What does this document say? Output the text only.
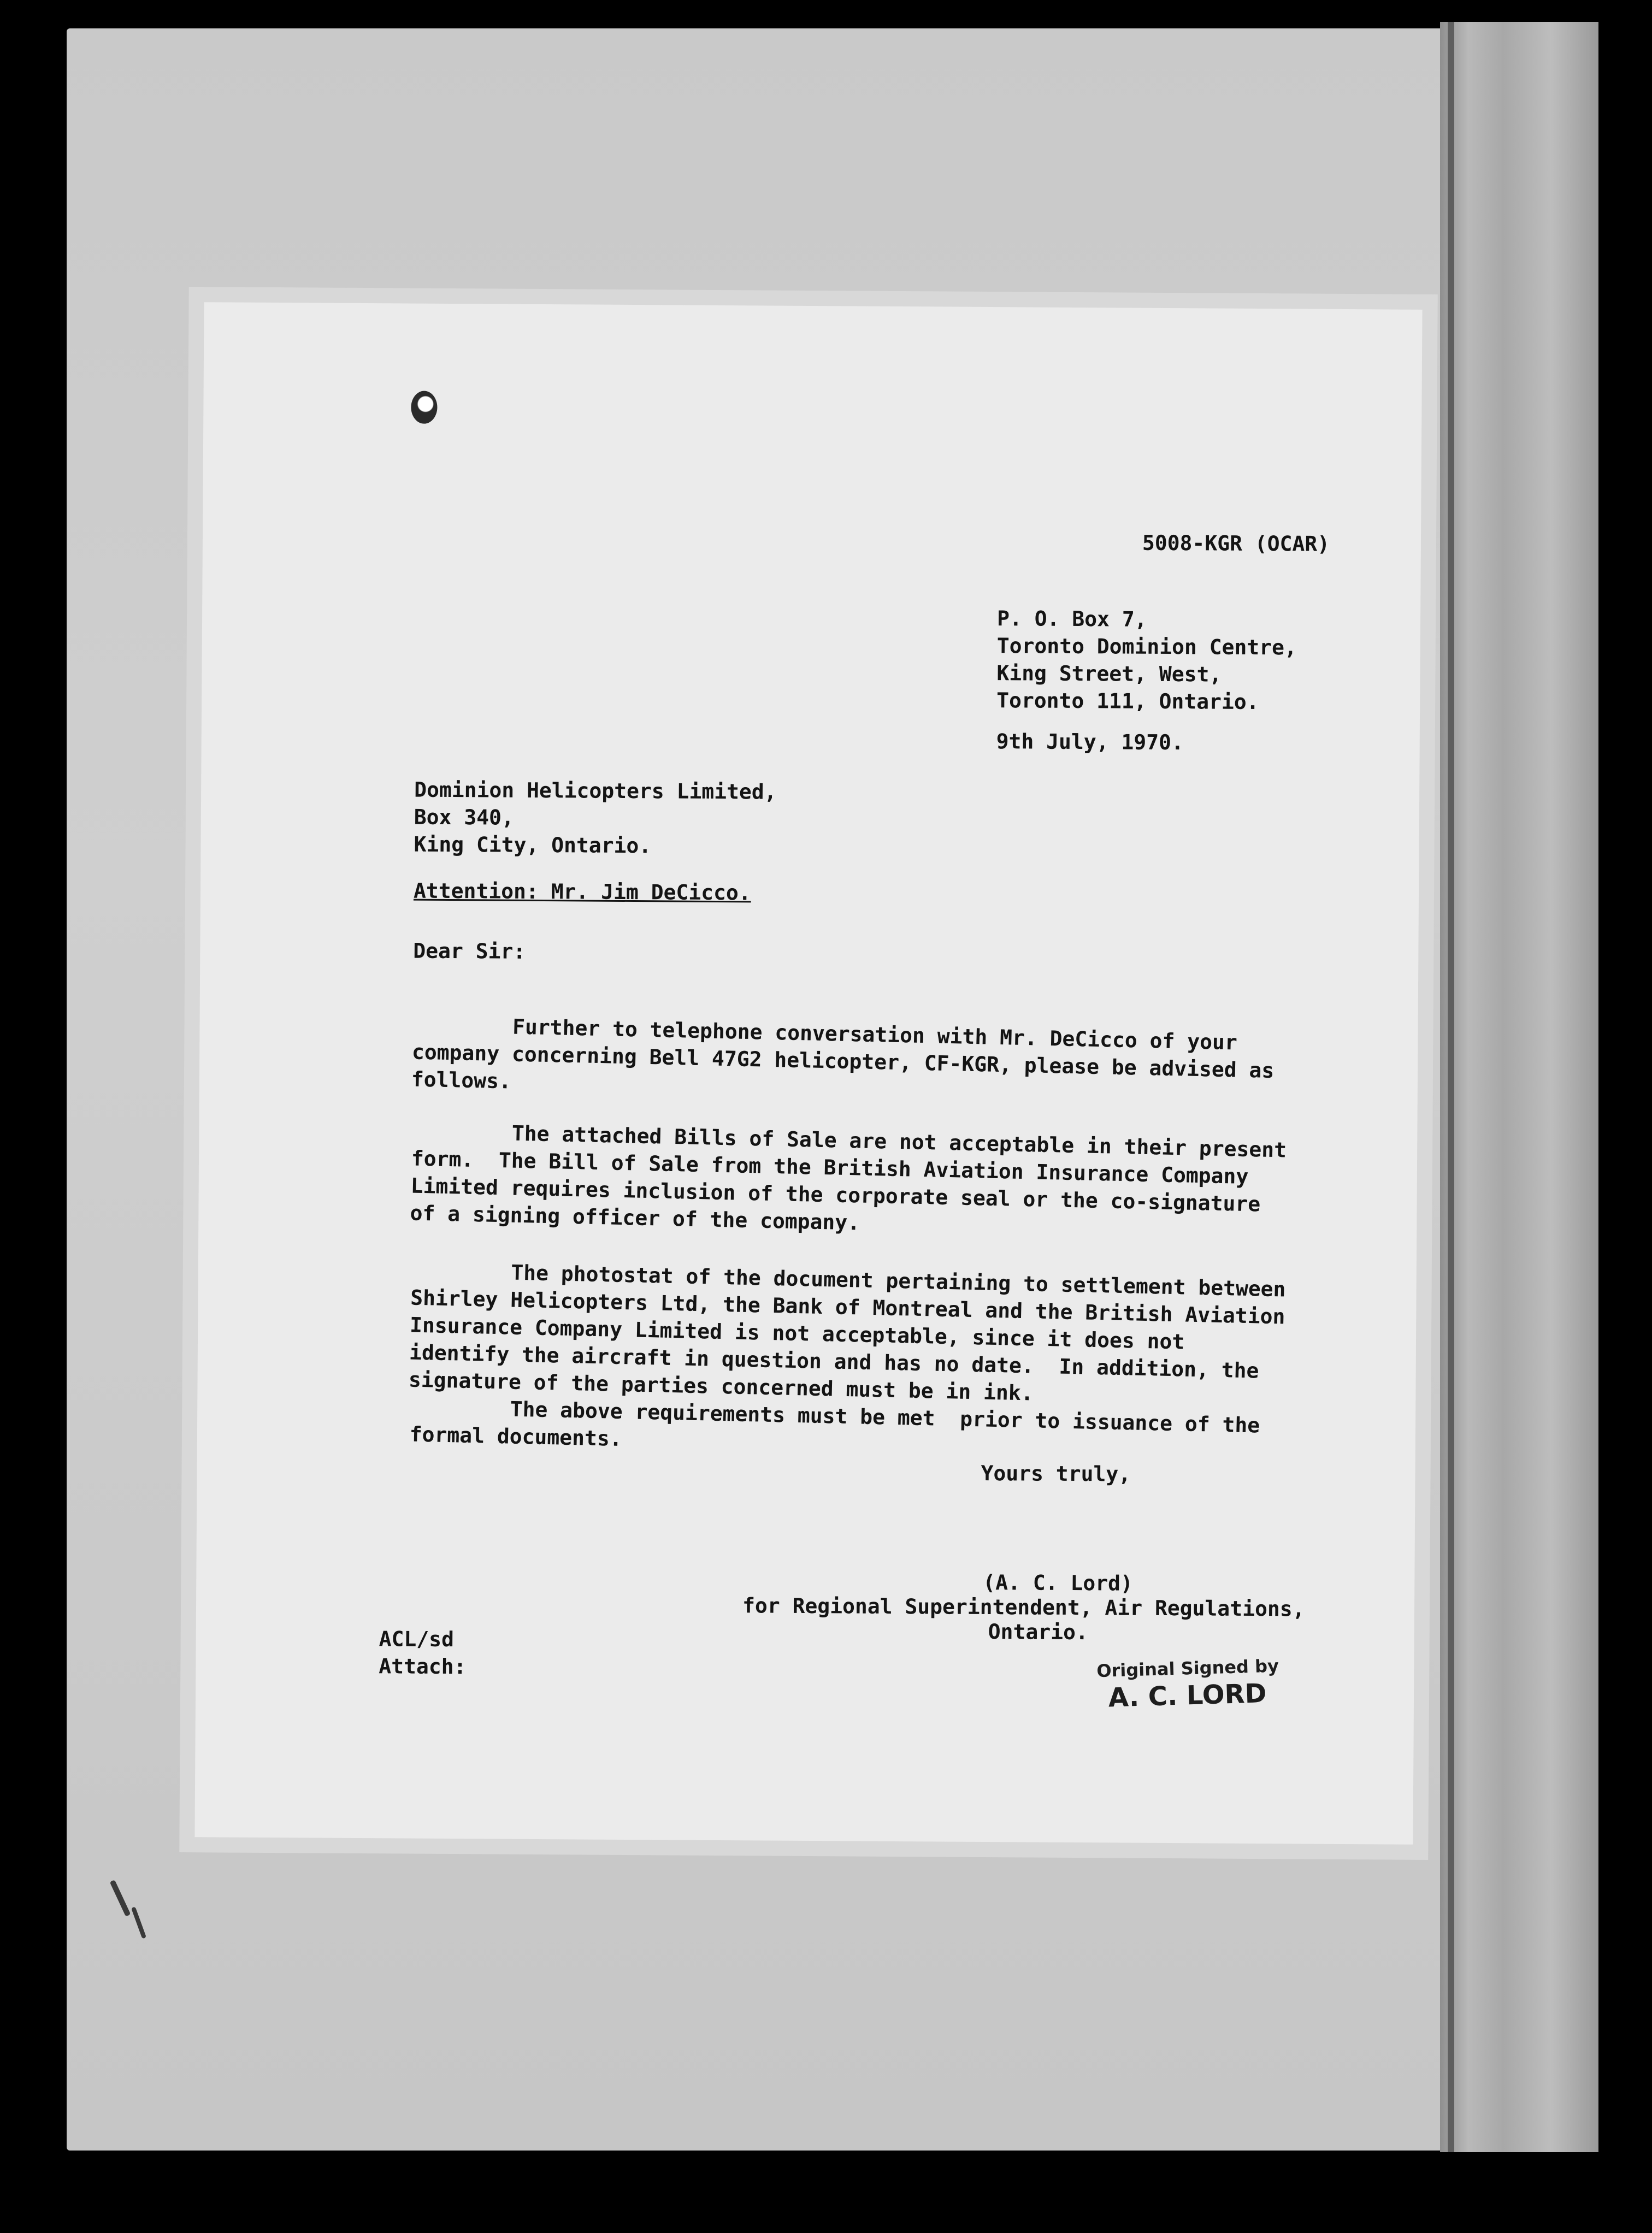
5008-KGR (OCAR)
P. O. Box 7,
Toronto Dominion Centre,
King Street, West,
Toronto 111, Ontario.
9th July, 1970.
Dominion Helicopters Limited,
Box 340,
King City, Ontario.
Attention: Mr. Jim DeCicco.
Dear Sir:
Further to telephone conversation with Mr. DeCicco of your
company concerning Bell 47G2 helicopter, CF-KGR, please be advised as
follows.
The attached Bills of Sale are not acceptable in their present
form.  The Bill of Sale from the British Aviation Insurance Company
Limited requires inclusion of the corporate seal or the co-signature
of a signing officer of the company.
The photostat of the document pertaining to settlement between
Shirley Helicopters Ltd, the Bank of Montreal and the British Aviation
Insurance Company Limited is not acceptable, since it does not
identify the aircraft in question and has no date.  In addition, the
signature of the parties concerned must be in ink.
The above requirements must be met  prior to issuance of the
formal documents.
Yours truly,
(A. C. Lord)
for Regional Superintendent, Air Regulations,
Ontario.
ACL/sd
Attach:	Original Signed by
A. C. LORD
